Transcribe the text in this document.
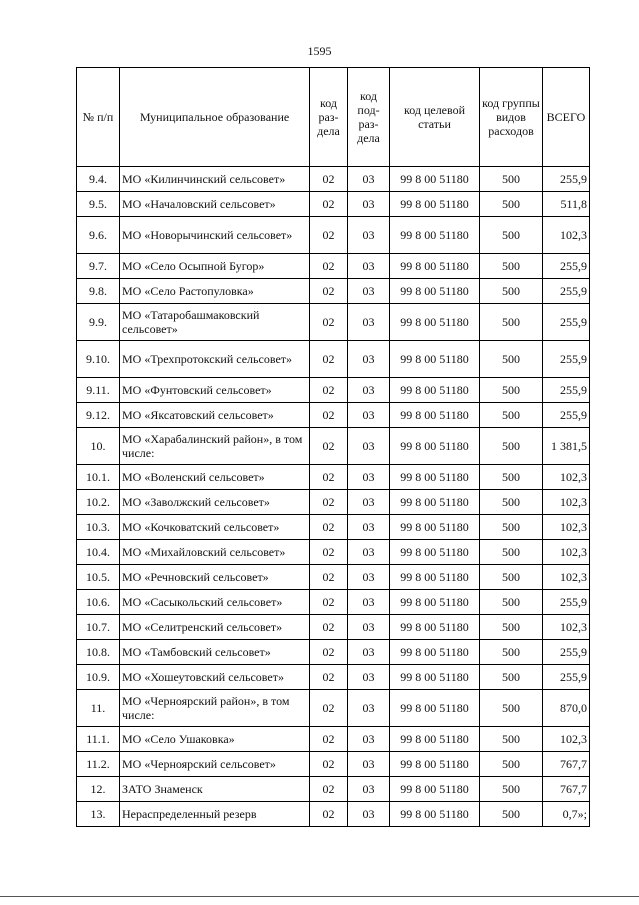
1595
№ п/п	Муниципальное образование	код раз-дела	код под-раз-дела	код целевой статьи	код группы видов расходов	ВСЕГО
9.4.	МО «Килинчинский сельсовет»	02	03	99 8 00 51180	500	255,9
9.5.	МО «Началовский сельсовет»	02	03	99 8 00 51180	500	511,8
9.6.	МО «Новорычинский сельсовет»	02	03	99 8 00 51180	500	102,3
9.7.	МО «Село Осыпной Бугор»	02	03	99 8 00 51180	500	255,9
9.8.	МО «Село Растопуловка»	02	03	99 8 00 51180	500	255,9
9.9.	МО «Татаробашмаковский сельсовет»	02	03	99 8 00 51180	500	255,9
9.10.	МО «Трехпротокский сельсовет»	02	03	99 8 00 51180	500	255,9
9.11.	МО «Фунтовский сельсовет»	02	03	99 8 00 51180	500	255,9
9.12.	МО «Яксатовский сельсовет»	02	03	99 8 00 51180	500	255,9
10.	МО «Харабалинский район», в том числе:	02	03	99 8 00 51180	500	1 381,5
10.1.	МО «Воленский сельсовет»	02	03	99 8 00 51180	500	102,3
10.2.	МО «Заволжский сельсовет»	02	03	99 8 00 51180	500	102,3
10.3.	МО «Кочковатский сельсовет»	02	03	99 8 00 51180	500	102,3
10.4.	МО «Михайловский сельсовет»	02	03	99 8 00 51180	500	102,3
10.5.	МО «Речновский сельсовет»	02	03	99 8 00 51180	500	102,3
10.6.	МО «Сасыкольский сельсовет»	02	03	99 8 00 51180	500	255,9
10.7.	МО «Селитренский сельсовет»	02	03	99 8 00 51180	500	102,3
10.8.	МО «Тамбовский сельсовет»	02	03	99 8 00 51180	500	255,9
10.9.	МО «Хошеутовский сельсовет»	02	03	99 8 00 51180	500	255,9
11.	МО «Черноярский район», в том числе:	02	03	99 8 00 51180	500	870,0
11.1.	МО «Село Ушаковка»	02	03	99 8 00 51180	500	102,3
11.2.	МО «Черноярский сельсовет»	02	03	99 8 00 51180	500	767,7
12.	ЗАТО Знаменск	02	03	99 8 00 51180	500	767,7
13.	Нераспределенный резерв	02	03	99 8 00 51180	500	0,7»;
